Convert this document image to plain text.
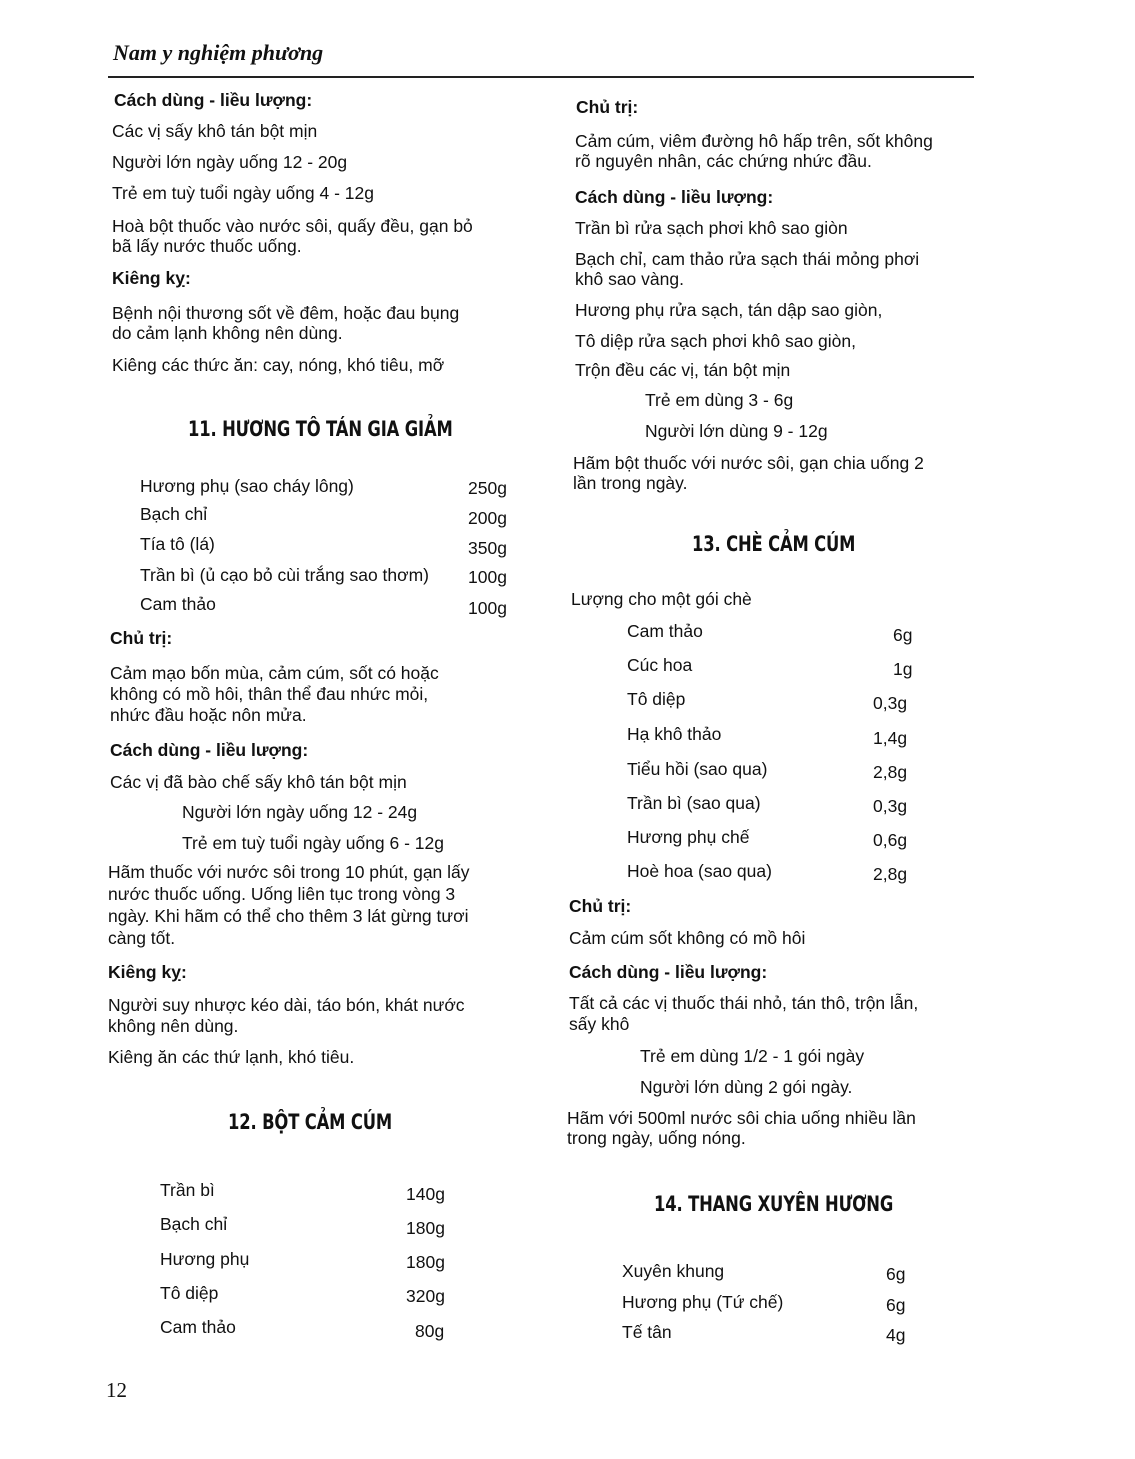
Nam y nghiệm phương
Cách dùng - liều lượng:
Các vị sấy khô tán bột mịn
Người lớn ngày uống 12 - 20g
Trẻ em tuỳ tuổi ngày uống 4 - 12g
Hoà bột thuốc vào nước sôi, quấy đều, gạn bỏ
bã lấy nước thuốc uống.
Kiêng kỵ:
Bệnh nội thương sốt về đêm, hoặc đau bụng
do cảm lạnh không nên dùng.
Kiêng các thức ăn: cay, nóng, khó tiêu, mỡ
11. HƯƠNG TÔ TÁN GIA GIẢM
Hương phụ (sao cháy lông)	250g
Bạch chỉ	200g
Tía tô (lá)	350g
Trần bì (ủ cạo bỏ cùi trắng sao thơm) 100g
Cam thảo	100g
Chủ trị:
Cảm mạo bốn mùa, cảm cúm, sốt có hoặc
không có mồ hôi, thân thể đau nhức mỏi,
nhức đầu hoặc nôn mửa.
Cách dùng - liều lượng:
Các vị đã bào chế sấy khô tán bột mịn
Người lớn ngày uống 12 - 24g
Trẻ em tuỳ tuổi ngày uống 6 - 12g
Hãm thuốc với nước sôi trong 10 phút, gạn lấy
nước thuốc uống. Uống liên tục trong vòng 3
ngày. Khi hãm có thể cho thêm 3 lát gừng tươi
càng tốt.
Kiêng kỵ:
Người suy nhược kéo dài, táo bón, khát nước
không nên dùng.
Kiêng ăn các thứ lạnh, khó tiêu.
12. BỘT CẢM CÚM
Trần bì	140g
Bạch chỉ	180g
Hương phụ	180g
Tô diệp	320g
Cam thảo	80g
12
Chủ trị:
Cảm cúm, viêm đường hô hấp trên, sốt không
rõ nguyên nhân, các chứng nhức đầu.
Cách dùng - liều lượng:
Trần bì rửa sạch phơi khô sao giòn
Bạch chỉ, cam thảo rửa sạch thái mỏng phơi
khô sao vàng.
Hương phụ rửa sạch, tán dập sao giòn,
Tô diệp rửa sạch phơi khô sao giòn,
Trộn đều các vị, tán bột mịn
Trẻ em dùng 3 - 6g
Người lớn dùng 9 - 12g
Hãm bột thuốc với nước sôi, gạn chia uống 2
lần trong ngày.
13. CHÈ CẢM CÚM
Lượng cho một gói chè
Cam thảo	6g
Cúc hoa	1g
Tô diệp	0,3g
Hạ khô thảo	1,4g
Tiểu hồi (sao qua)	2,8g
Trần bì (sao qua)	0,3g
Hương phụ chế	0,6g
Hoè hoa (sao qua)	2,8g
Chủ trị:
Cảm cúm sốt không có mồ hôi
Cách dùng - liều lượng:
Tất cả các vị thuốc thái nhỏ, tán thô, trộn lẫn,
sấy khô
Trẻ em dùng 1/2 - 1 gói ngày
Người lớn dùng 2 gói ngày.
Hãm với 500ml nước sôi chia uống nhiều lần
trong ngày, uống nóng.
14. THANG XUYÊN HƯƠNG
Xuyên khung	6g
Hương phụ (Tứ chế)	6g
Tế tân	4g
